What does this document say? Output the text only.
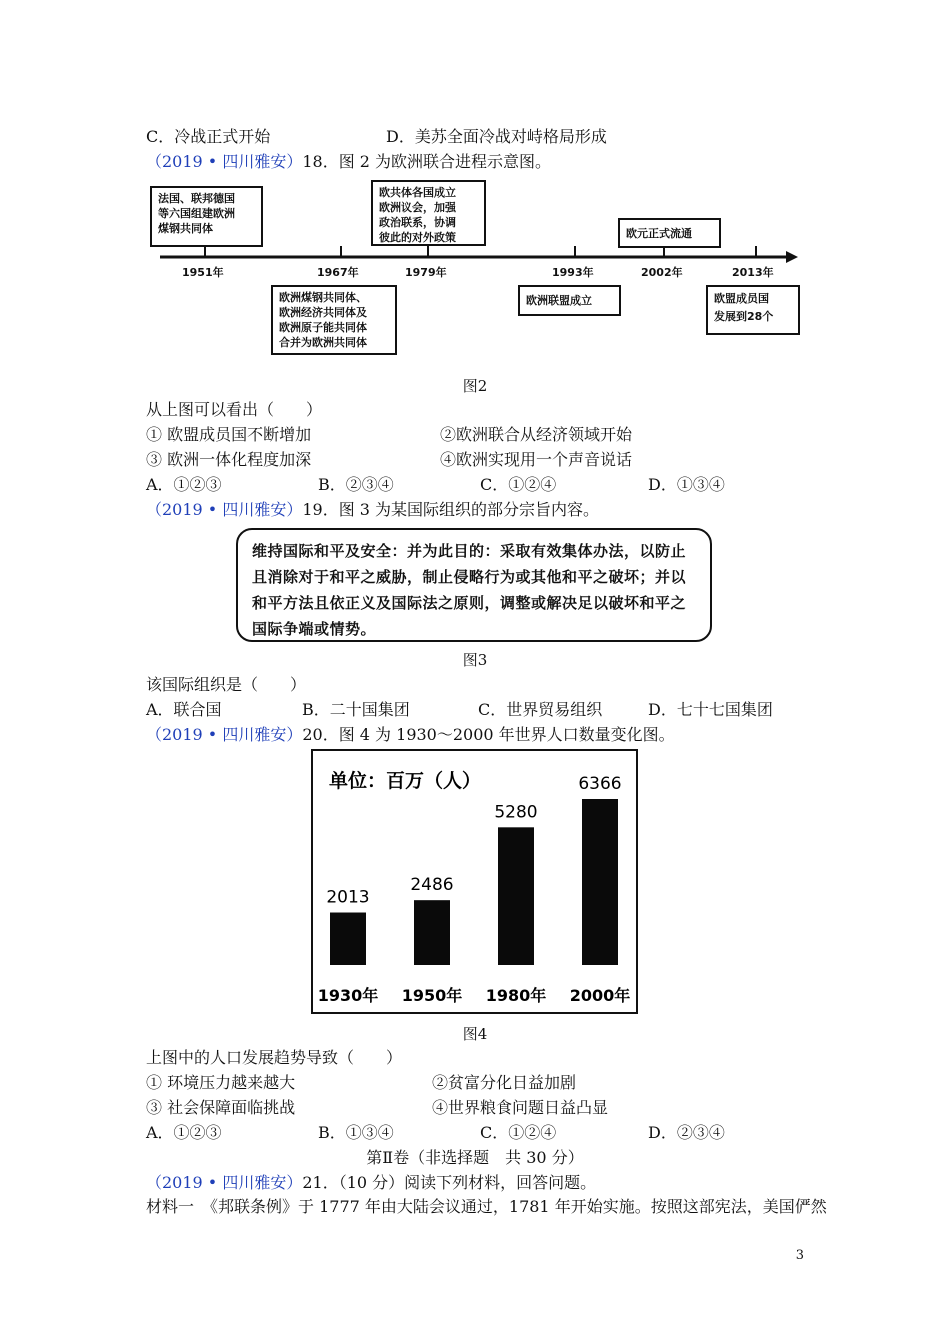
C．冷战正式开始	D．美苏全面冷战对峙格局形成
（2019 • 四川雅安）18．图 2 为欧洲联合进程示意图。
1951年	1967年	1979年	1993年	2002年	2013年
法国、联邦德国
等六国组建欧洲
煤钢共同体
欧洲煤钢共同体、
欧洲经济共同体及
欧洲原子能共同体
合并为欧洲共同体
欧共体各国成立
欧洲议会，加强
政治联系，协调
彼此的对外政策
欧洲联盟成立
欧元正式流通
欧盟成员国
发展到28个
图2
从上图可以看出（　　）
① 欧盟成员国不断增加	②欧洲联合从经济领域开始
③ 欧洲一体化程度加深	④欧洲实现用一个声音说话
A．①②③	B．②③④	C．①②④	D．①③④
（2019 • 四川雅安）19．图 3 为某国际组织的部分宗旨内容。
维持国际和平及安全：并为此目的：采取有效集体办法，以防止且消除对于和平之威胁，制止侵略行为或其他和平之破坏；并以和平方法且依正义及国际法之原则，调整或解决足以破坏和平之国际争端或情势。
图3
该国际组织是（　　）
A．联合国	B．二十国集团	C．世界贸易组织	D．七十七国集团
（2019 • 四川雅安）20．图 4 为 1930～2000 年世界人口数量变化图。
单位：百万（人）
2013
1930年
2486
1950年
5280
1980年
6366
2000年
图4
上图中的人口发展趋势导致（　　）
① 环境压力越来越大	②贫富分化日益加剧
③ 社会保障面临挑战	④世界粮食问题日益凸显
A．①②③	B．①③④	C．①②④	D．②③④
第Ⅱ卷（非选择题　共 30 分）
（2019 • 四川雅安）21．（10 分）阅读下列材料，回答问题。
材料一　《邦联条例》于 1777 年由大陆会议通过，1781 年开始实施。按照这部宪法，美国俨然
3
